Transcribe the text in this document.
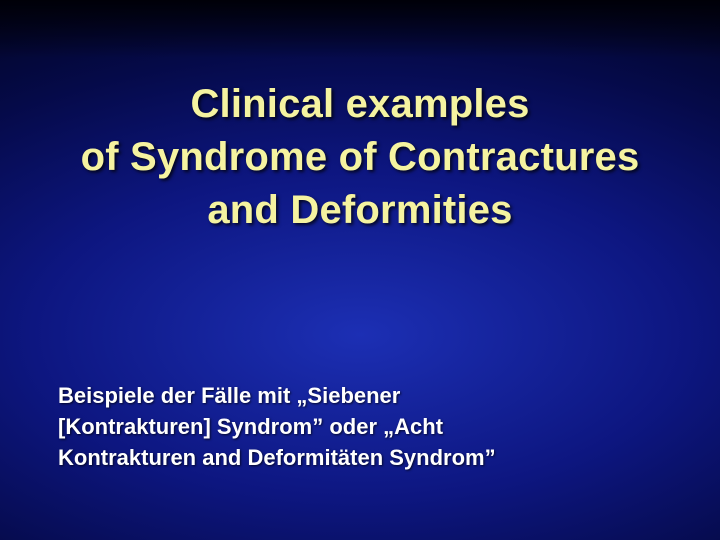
Clinical examples
of Syndrome of Contractures
and Deformities
Beispiele der Fälle mit „Siebener
[Kontrakturen] Syndrom” oder „Acht
Kontrakturen and Deformitäten Syndrom”
